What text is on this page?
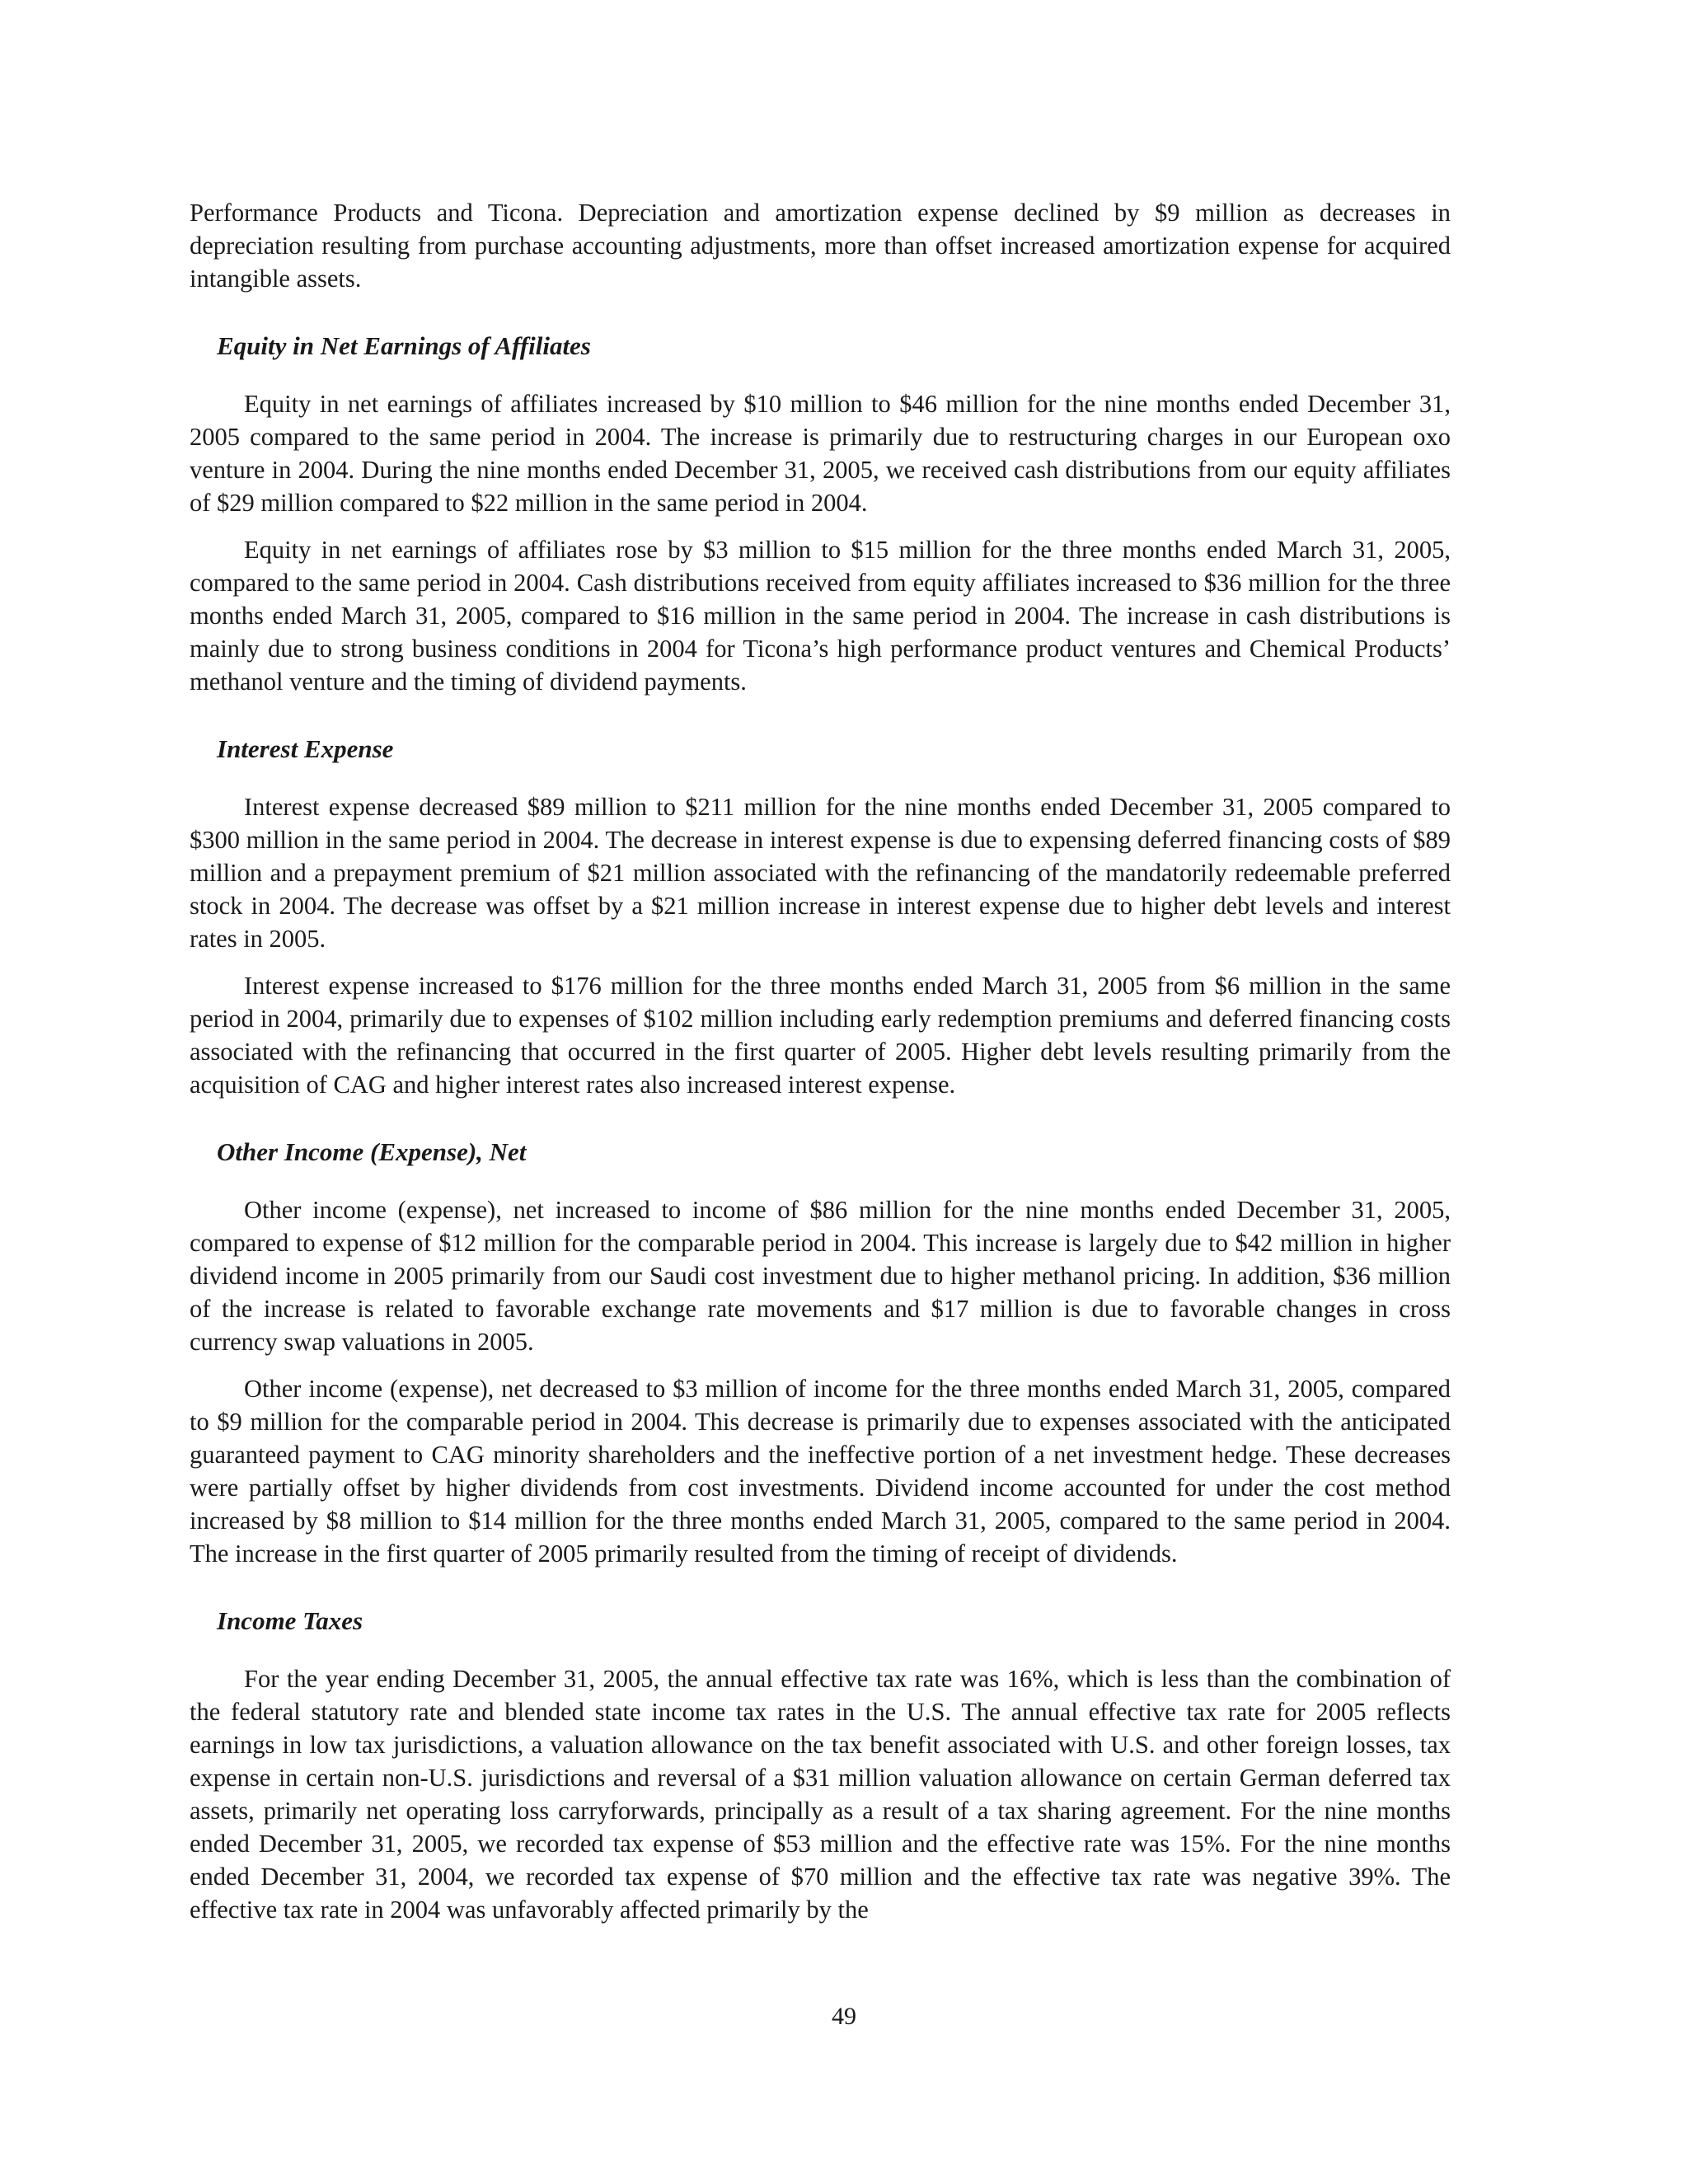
Performance Products and Ticona. Depreciation and amortization expense declined by $9 million as decreases in depreciation resulting from purchase accounting adjustments, more than offset increased amortization expense for acquired intangible assets.

Equity in Net Earnings of Affiliates

Equity in net earnings of affiliates increased by $10 million to $46 million for the nine months ended December 31, 2005 compared to the same period in 2004. The increase is primarily due to restructuring charges in our European oxo venture in 2004. During the nine months ended December 31, 2005, we received cash distributions from our equity affiliates of $29 million compared to $22 million in the same period in 2004.

Equity in net earnings of affiliates rose by $3 million to $15 million for the three months ended March 31, 2005, compared to the same period in 2004. Cash distributions received from equity affiliates increased to $36 million for the three months ended March 31, 2005, compared to $16 million in the same period in 2004. The increase in cash distributions is mainly due to strong business conditions in 2004 for Ticona’s high performance product ventures and Chemical Products’ methanol venture and the timing of dividend payments.

Interest Expense

Interest expense decreased $89 million to $211 million for the nine months ended December 31, 2005 compared to $300 million in the same period in 2004. The decrease in interest expense is due to expensing deferred financing costs of $89 million and a prepayment premium of $21 million associated with the refinancing of the mandatorily redeemable preferred stock in 2004. The decrease was offset by a $21 million increase in interest expense due to higher debt levels and interest rates in 2005.

Interest expense increased to $176 million for the three months ended March 31, 2005 from $6 million in the same period in 2004, primarily due to expenses of $102 million including early redemption premiums and deferred financing costs associated with the refinancing that occurred in the first quarter of 2005. Higher debt levels resulting primarily from the acquisition of CAG and higher interest rates also increased interest expense.

Other Income (Expense), Net

Other income (expense), net increased to income of $86 million for the nine months ended December 31, 2005, compared to expense of $12 million for the comparable period in 2004. This increase is largely due to $42 million in higher dividend income in 2005 primarily from our Saudi cost investment due to higher methanol pricing. In addition, $36 million of the increase is related to favorable exchange rate movements and $17 million is due to favorable changes in cross currency swap valuations in 2005.

Other income (expense), net decreased to $3 million of income for the three months ended March 31, 2005, compared to $9 million for the comparable period in 2004. This decrease is primarily due to expenses associated with the anticipated guaranteed payment to CAG minority shareholders and the ineffective portion of a net investment hedge. These decreases were partially offset by higher dividends from cost investments. Dividend income accounted for under the cost method increased by $8 million to $14 million for the three months ended March 31, 2005, compared to the same period in 2004. The increase in the first quarter of 2005 primarily resulted from the timing of receipt of dividends.

Income Taxes

For the year ending December 31, 2005, the annual effective tax rate was 16%, which is less than the combination of the federal statutory rate and blended state income tax rates in the U.S. The annual effective tax rate for 2005 reflects earnings in low tax jurisdictions, a valuation allowance on the tax benefit associated with U.S. and other foreign losses, tax expense in certain non-U.S. jurisdictions and reversal of a $31 million valuation allowance on certain German deferred tax assets, primarily net operating loss carryforwards, principally as a result of a tax sharing agreement. For the nine months ended December 31, 2005, we recorded tax expense of $53 million and the effective rate was 15%. For the nine months ended December 31, 2004, we recorded tax expense of $70 million and the effective tax rate was negative 39%. The effective tax rate in 2004 was unfavorably affected primarily by the

49
